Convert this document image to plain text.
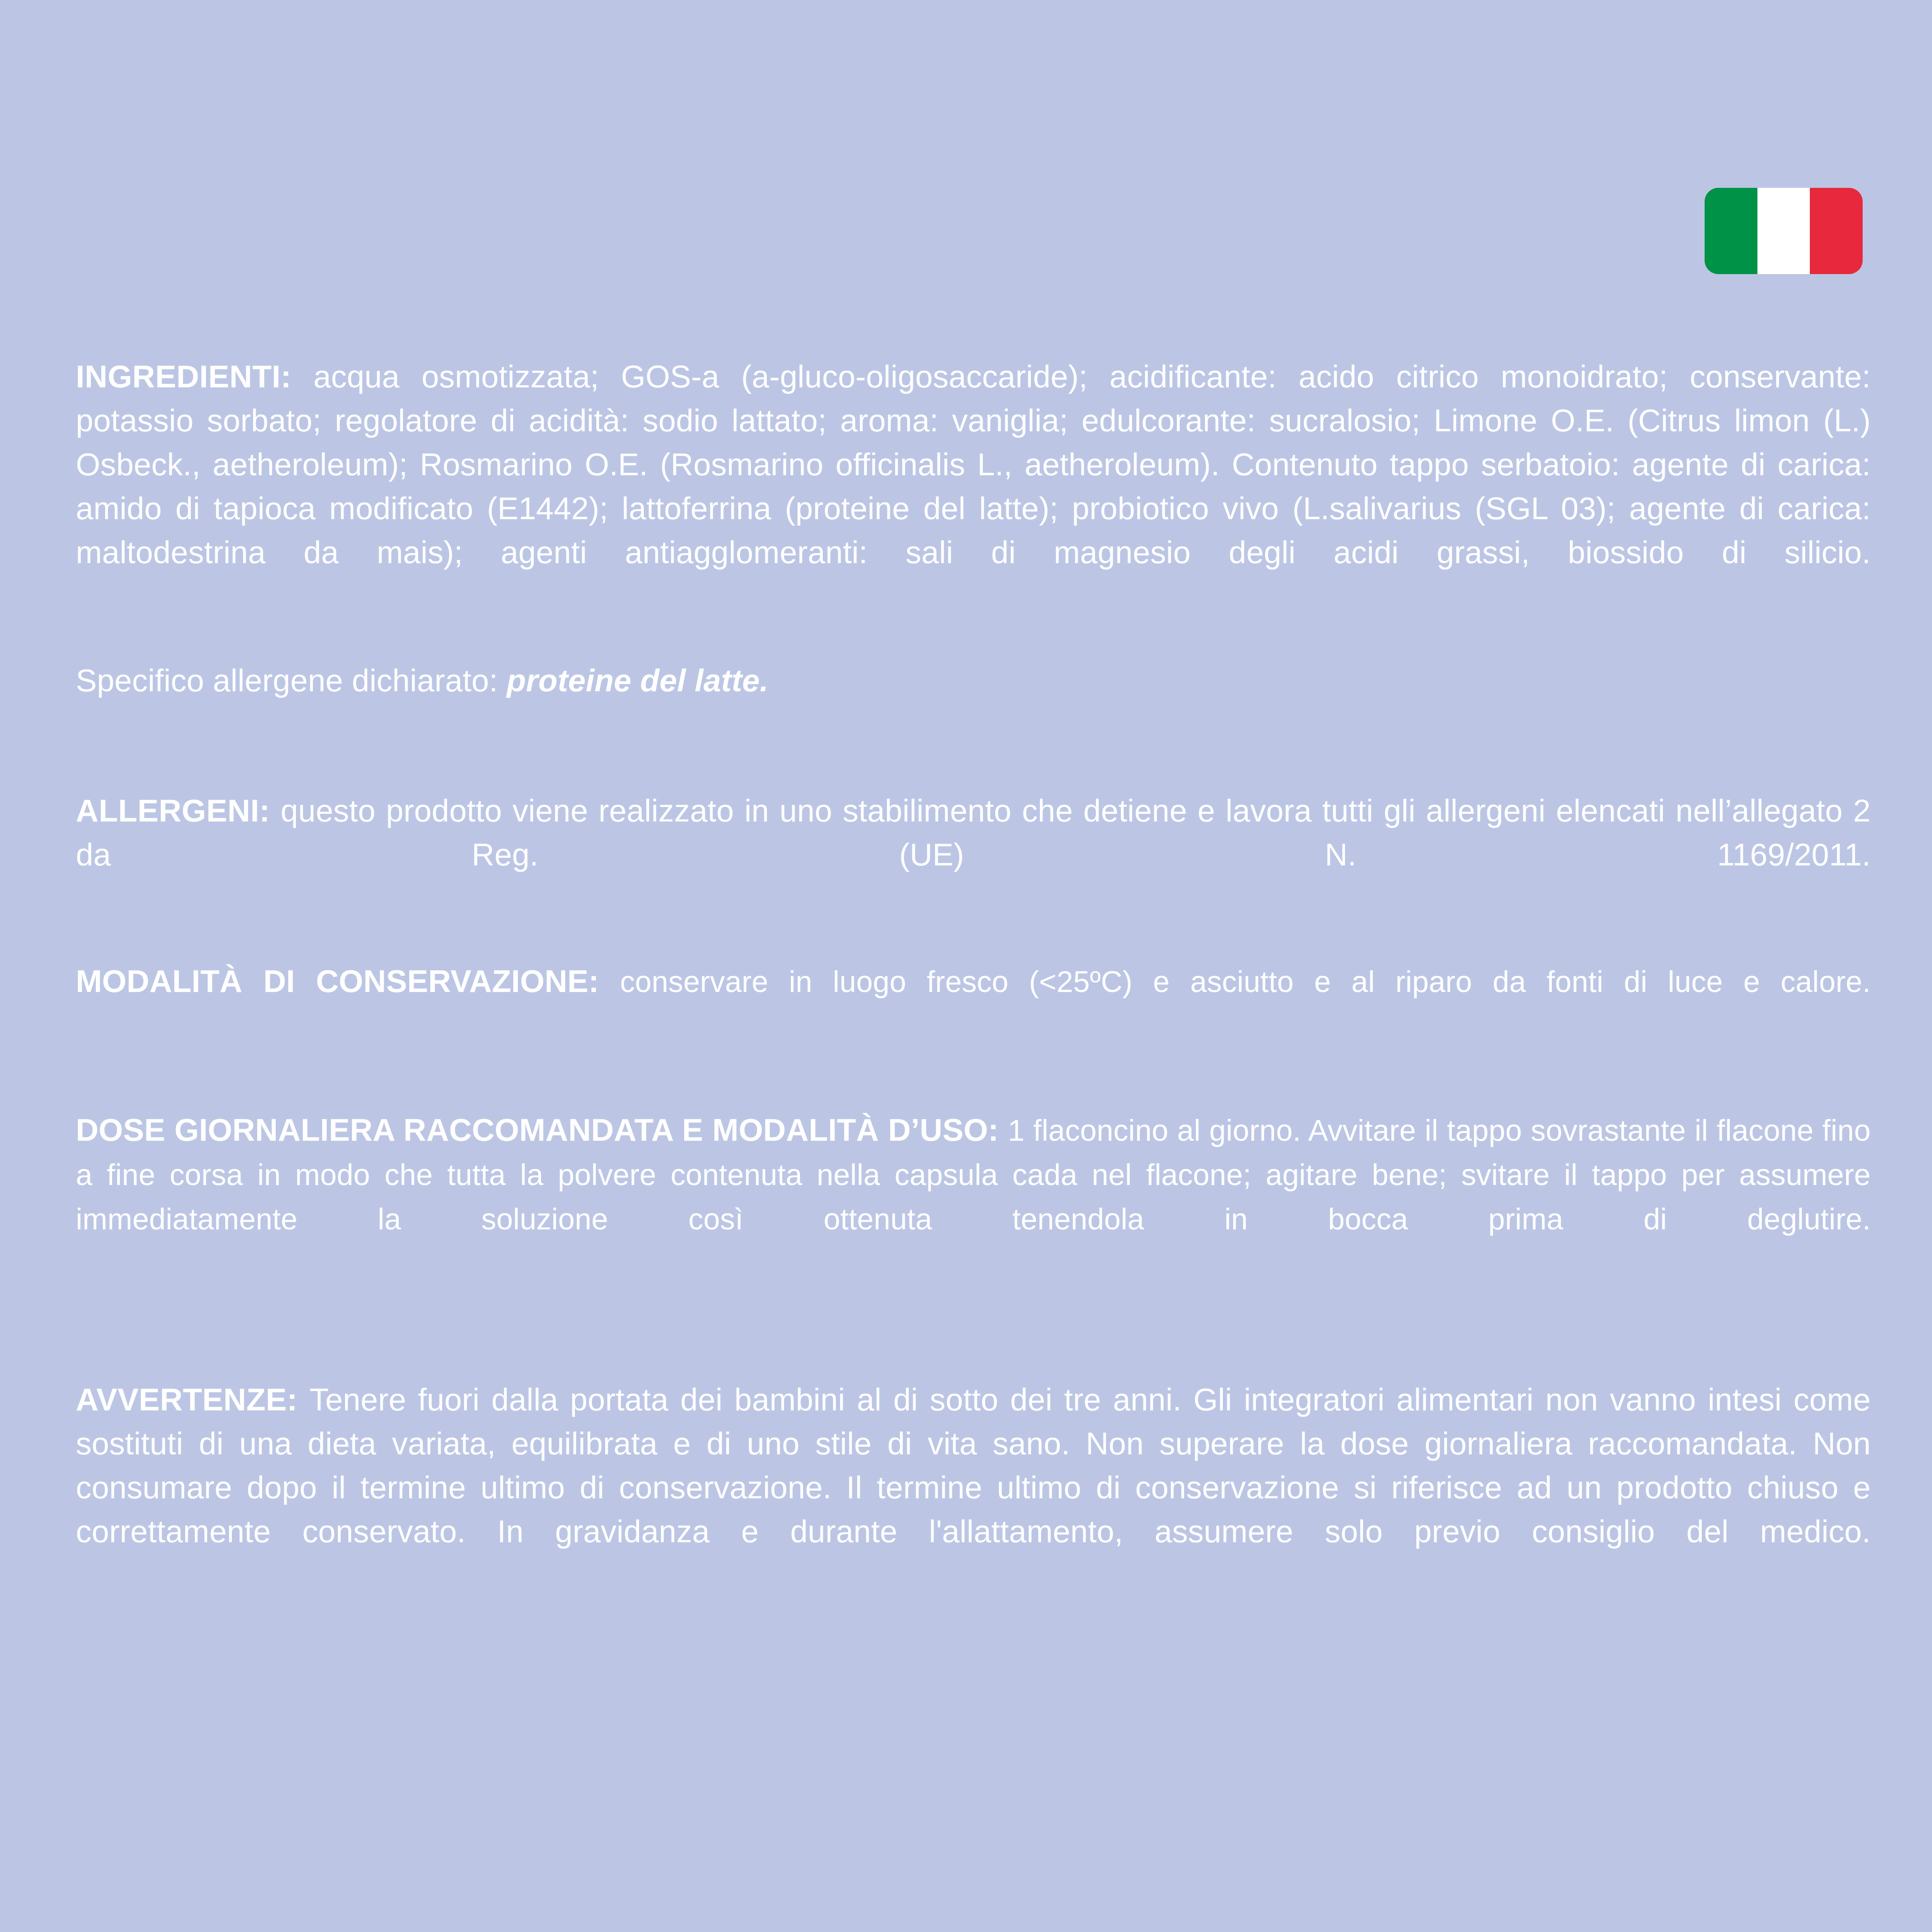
INGREDIENTI: acqua osmotizzata; GOS-a (a-gluco-oligosaccaride); acidificante: acido citrico monoidrato; conservante: potassio sorbato; regolatore di acidità: sodio lattato; aroma: vaniglia; edulcorante: sucralosio; Limone O.E. (Citrus limon (L.) Osbeck., aetheroleum); Rosmarino O.E. (Rosmarino officinalis L., aetheroleum). Contenuto tappo serbatoio: agente di carica: amido di tapioca modificato (E1442); lattoferrina (proteine del latte); probiotico vivo (L.salivarius (SGL 03); agente di carica: maltodestrina da mais); agenti antiagglomeranti: sali di magnesio degli acidi grassi, biossido di silicio.

Specifico allergene dichiarato: proteine del latte.

ALLERGENI: questo prodotto viene realizzato in uno stabilimento che detiene e lavora tutti gli allergeni elencati nell’allegato 2 da Reg. (UE) N. 1169/2011.

MODALITÀ DI CONSERVAZIONE: conservare in luogo fresco (<25ºC) e asciutto e al riparo da fonti di luce e calore.

DOSE GIORNALIERA RACCOMANDATA E MODALITÀ D’USO: 1 flaconcino al giorno. Avvitare il tappo sovrastante il flacone fino a fine corsa in modo che tutta la polvere contenuta nella capsula cada nel flacone; agitare bene; svitare il tappo per assumere immediatamente la soluzione così ottenuta tenendola in bocca prima di deglutire.

AVVERTENZE: Tenere fuori dalla portata dei bambini al di sotto dei tre anni. Gli integratori alimentari non vanno intesi come sostituti di una dieta variata, equilibrata e di uno stile di vita sano. Non superare la dose giornaliera raccomandata. Non consumare dopo il termine ultimo di conservazione. Il termine ultimo di conservazione si riferisce ad un prodotto chiuso e correttamente conservato. In gravidanza e durante l'allattamento, assumere solo previo consiglio del medico.
